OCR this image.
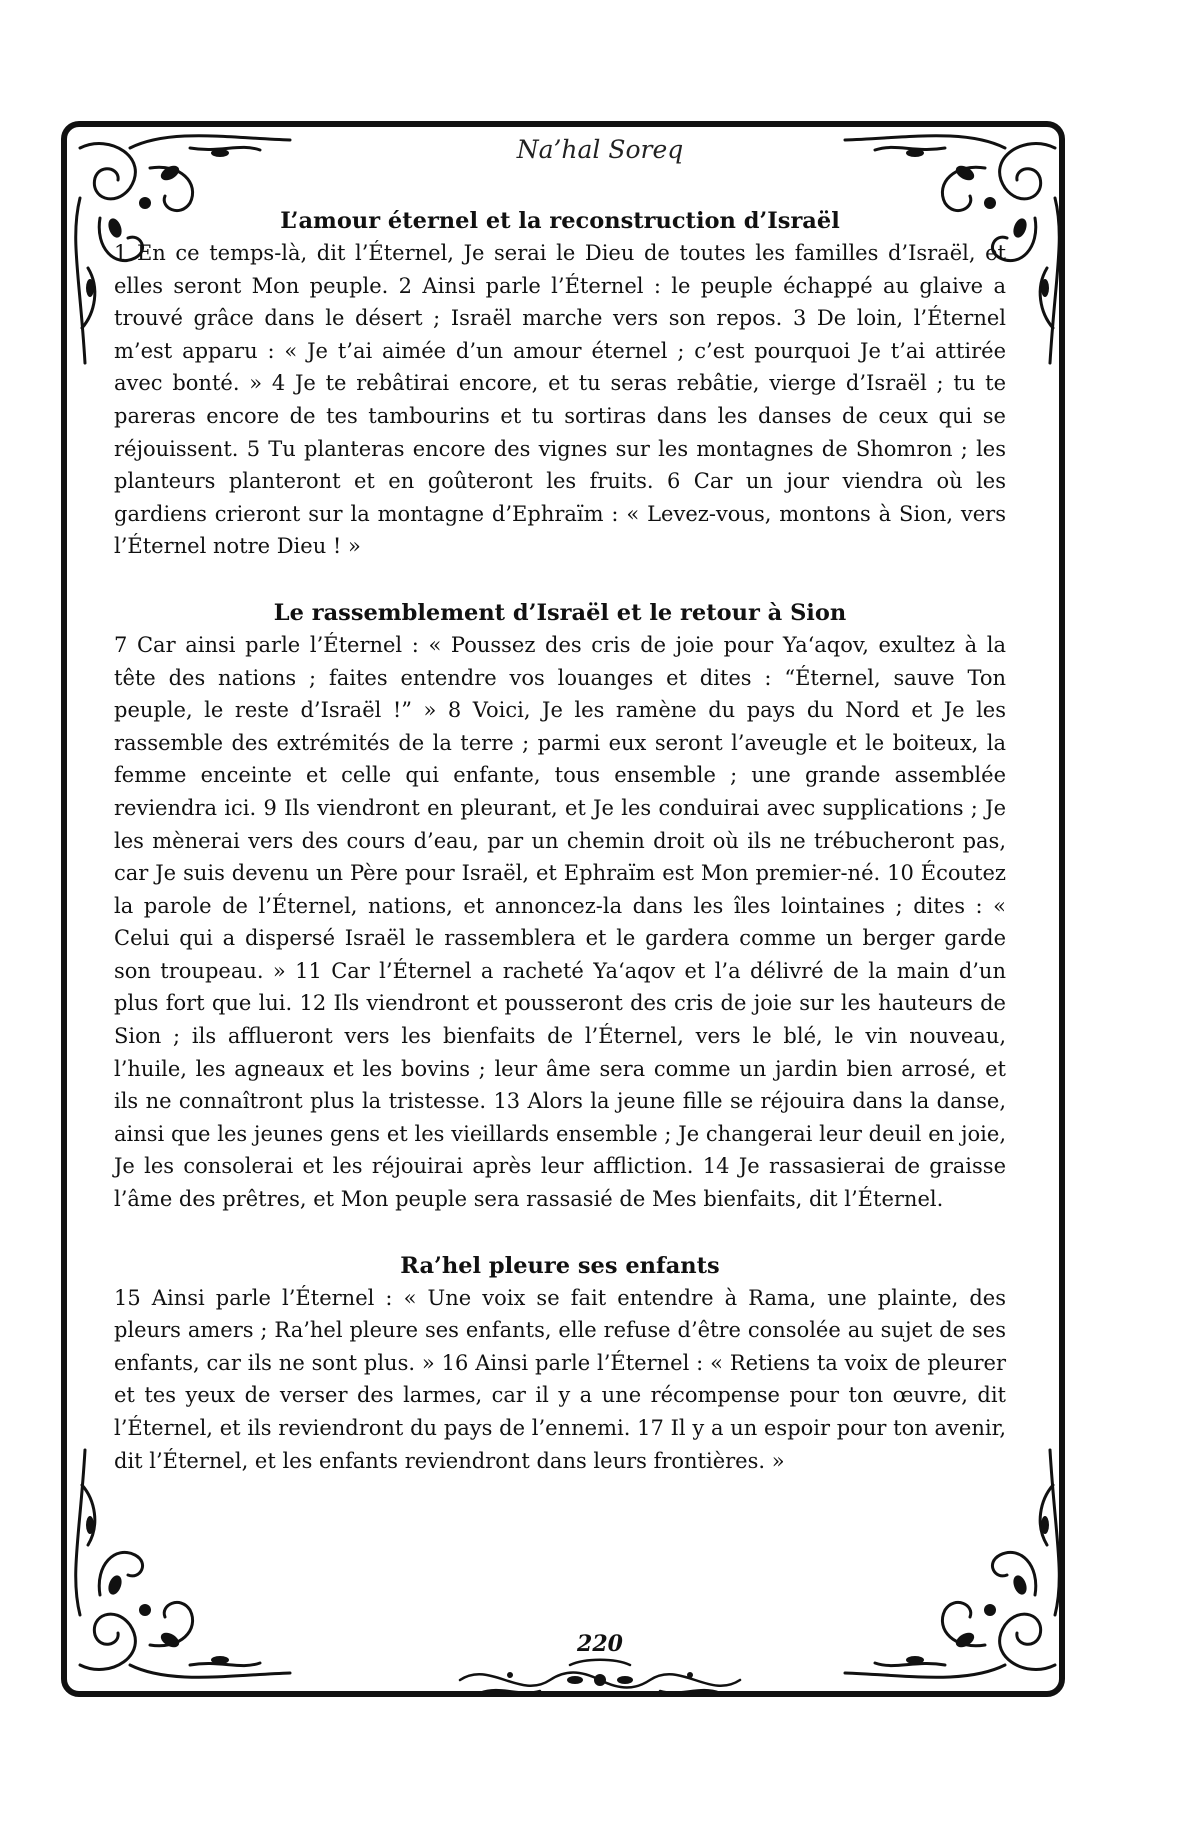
Na’hal Soreq
L’amour éternel et la reconstruction d’Israël

1 En ce temps-là, dit l’Éternel, Je serai le Dieu de toutes les familles d’Israël, et elles seront Mon peuple. 2 Ainsi parle l’Éternel : le peuple échappé au glaive a trouvé grâce dans le désert ; Israël marche vers son repos. 3 De loin, l’Éternel m’est apparu : « Je t’ai aimée d’un amour éternel ; c’est pourquoi Je t’ai attirée avec bonté. » 4 Je te rebâtirai encore, et tu seras rebâtie, vierge d’Israël ; tu te pareras encore de tes tambourins et tu sortiras dans les danses de ceux qui se réjouissent. 5 Tu planteras encore des vignes sur les montagnes de Shomron ; les planteurs planteront et en goûteront les fruits. 6 Car un jour viendra où les gardiens crieront sur la montagne d’Ephraïm : « Levez-vous, montons à Sion, vers l’Éternel notre Dieu ! »

Le rassemblement d’Israël et le retour à Sion

7 Car ainsi parle l’Éternel : « Poussez des cris de joie pour Ya‘aqov, exultez à la tête des nations ; faites entendre vos louanges et dites : “Éternel, sauve Ton peuple, le reste d’Israël !” » 8 Voici, Je les ramène du pays du Nord et Je les rassemble des extrémités de la terre ; parmi eux seront l’aveugle et le boiteux, la femme enceinte et celle qui enfante, tous ensemble ; une grande assemblée reviendra ici. 9 Ils viendront en pleurant, et Je les conduirai avec supplications ; Je les mènerai vers des cours d’eau, par un chemin droit où ils ne trébucheront pas, car Je suis devenu un Père pour Israël, et Ephraïm est Mon premier-né. 10 Écoutez la parole de l’Éternel, nations, et annoncez-la dans les îles lointaines ; dites : « Celui qui a dispersé Israël le rassemblera et le gardera comme un berger garde son troupeau. » 11 Car l’Éternel a racheté Ya‘aqov et l’a délivré de la main d’un plus fort que lui. 12 Ils viendront et pousseront des cris de joie sur les hauteurs de Sion ; ils afflueront vers les bienfaits de l’Éternel, vers le blé, le vin nouveau, l’huile, les agneaux et les bovins ; leur âme sera comme un jardin bien arrosé, et ils ne connaîtront plus la tristesse. 13 Alors la jeune fille se réjouira dans la danse, ainsi que les jeunes gens et les vieillards ensemble ; Je changerai leur deuil en joie, Je les consolerai et les réjouirai après leur affliction. 14 Je rassasierai de graisse l’âme des prêtres, et Mon peuple sera rassasié de Mes bienfaits, dit l’Éternel.

Ra’hel pleure ses enfants

15 Ainsi parle l’Éternel : « Une voix se fait entendre à Rama, une plainte, des pleurs amers ; Ra’hel pleure ses enfants, elle refuse d’être consolée au sujet de ses enfants, car ils ne sont plus. » 16 Ainsi parle l’Éternel : « Retiens ta voix de pleurer et tes yeux de verser des larmes, car il y a une récompense pour ton œuvre, dit l’Éternel, et ils reviendront du pays de l’ennemi. 17 Il y a un espoir pour ton avenir, dit l’Éternel, et les enfants reviendront dans leurs frontières. »

220
